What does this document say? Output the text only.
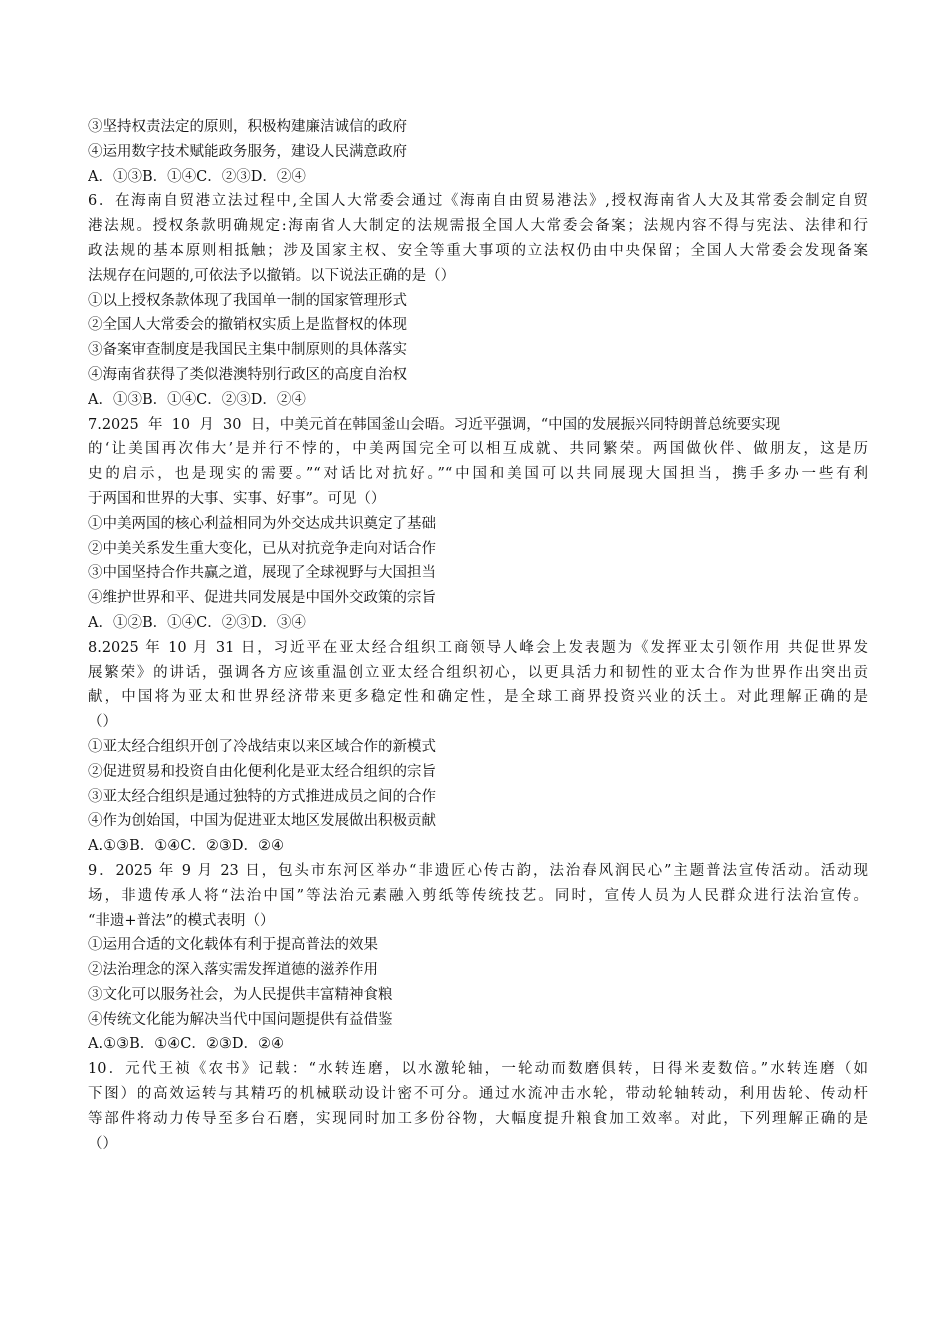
③坚持权责法定的原则，积极构建廉洁诚信的政府
④运用数字技术赋能政务服务，建设人民满意政府
A．①③B．①④C．②③D．②④
6．在海南自贸港立法过程中,全国人大常委会通过《海南自由贸易港法》,授权海南省人大及其常委会制定自贸
港法规。授权条款明确规定:海南省人大制定的法规需报全国人大常委会备案；法规内容不得与宪法、法律和行
政法规的基本原则相抵触；涉及国家主权、安全等重大事项的立法权仍由中央保留；全国人大常委会发现备案
法规存在问题的,可依法予以撤销。以下说法正确的是（）
①以上授权条款体现了我国单一制的国家管理形式
②全国人大常委会的撤销权实质上是监督权的体现
③备案审查制度是我国民主集中制原则的具体落实
④海南省获得了类似港澳特别行政区的高度自治权
A．①③B．①④C．②③D．②④
7.2025  年  10  月  30  日，中美元首在韩国釜山会晤。习近平强调，“中国的发展振兴同特朗普总统要实现
的‘让美国再次伟大’是并行不悖的，中美两国完全可以相互成就、共同繁荣。两国做伙伴、做朋友，这是历
史的启示，也是现实的需要。”“对话比对抗好。”“中国和美国可以共同展现大国担当，携手多办一些有利
于两国和世界的大事、实事、好事”。可见（）
①中美两国的核心利益相同为外交达成共识奠定了基础
②中美关系发生重大变化，已从对抗竞争走向对话合作
③中国坚持合作共赢之道，展现了全球视野与大国担当
④维护世界和平、促进共同发展是中国外交政策的宗旨
A．①②B．①④C．②③D．③④
8.2025 年 10 月 31 日，习近平在亚太经合组织工商领导人峰会上发表题为《发挥亚太引领作用 共促世界发
展繁荣》的讲话，强调各方应该重温创立亚太经合组织初心，以更具活力和韧性的亚太合作为世界作出突出贡
献，中国将为亚太和世界经济带来更多稳定性和确定性，是全球工商界投资兴业的沃土。对此理解正确的是
（）
①亚太经合组织开创了冷战结束以来区域合作的新模式
②促进贸易和投资自由化便利化是亚太经合组织的宗旨
③亚太经合组织是通过独特的方式推进成员之间的合作
④作为创始国，中国为促进亚太地区发展做出积极贡献
A.①③B．①④C．②③D．②④
9．2025 年 9 月 23 日，包头市东河区举办“非遗匠心传古韵，法治春风润民心”主题普法宣传活动。活动现
场，非遗传承人将“法治中国”等法治元素融入剪纸等传统技艺。同时，宣传人员为人民群众进行法治宣传。
“非遗+普法”的模式表明（）
①运用合适的文化载体有利于提高普法的效果
②法治理念的深入落实需发挥道德的滋养作用
③文化可以服务社会，为人民提供丰富精神食粮
④传统文化能为解决当代中国问题提供有益借鉴
A.①③B．①④C．②③D．②④
10．元代王祯《农书》记载：“水转连磨，以水激轮轴，一轮动而数磨俱转，日得米麦数倍。”水转连磨（如
下图）的高效运转与其精巧的机械联动设计密不可分。通过水流冲击水轮，带动轮轴转动，利用齿轮、传动杆
等部件将动力传导至多台石磨，实现同时加工多份谷物，大幅度提升粮食加工效率。对此，下列理解正确的是
（）
